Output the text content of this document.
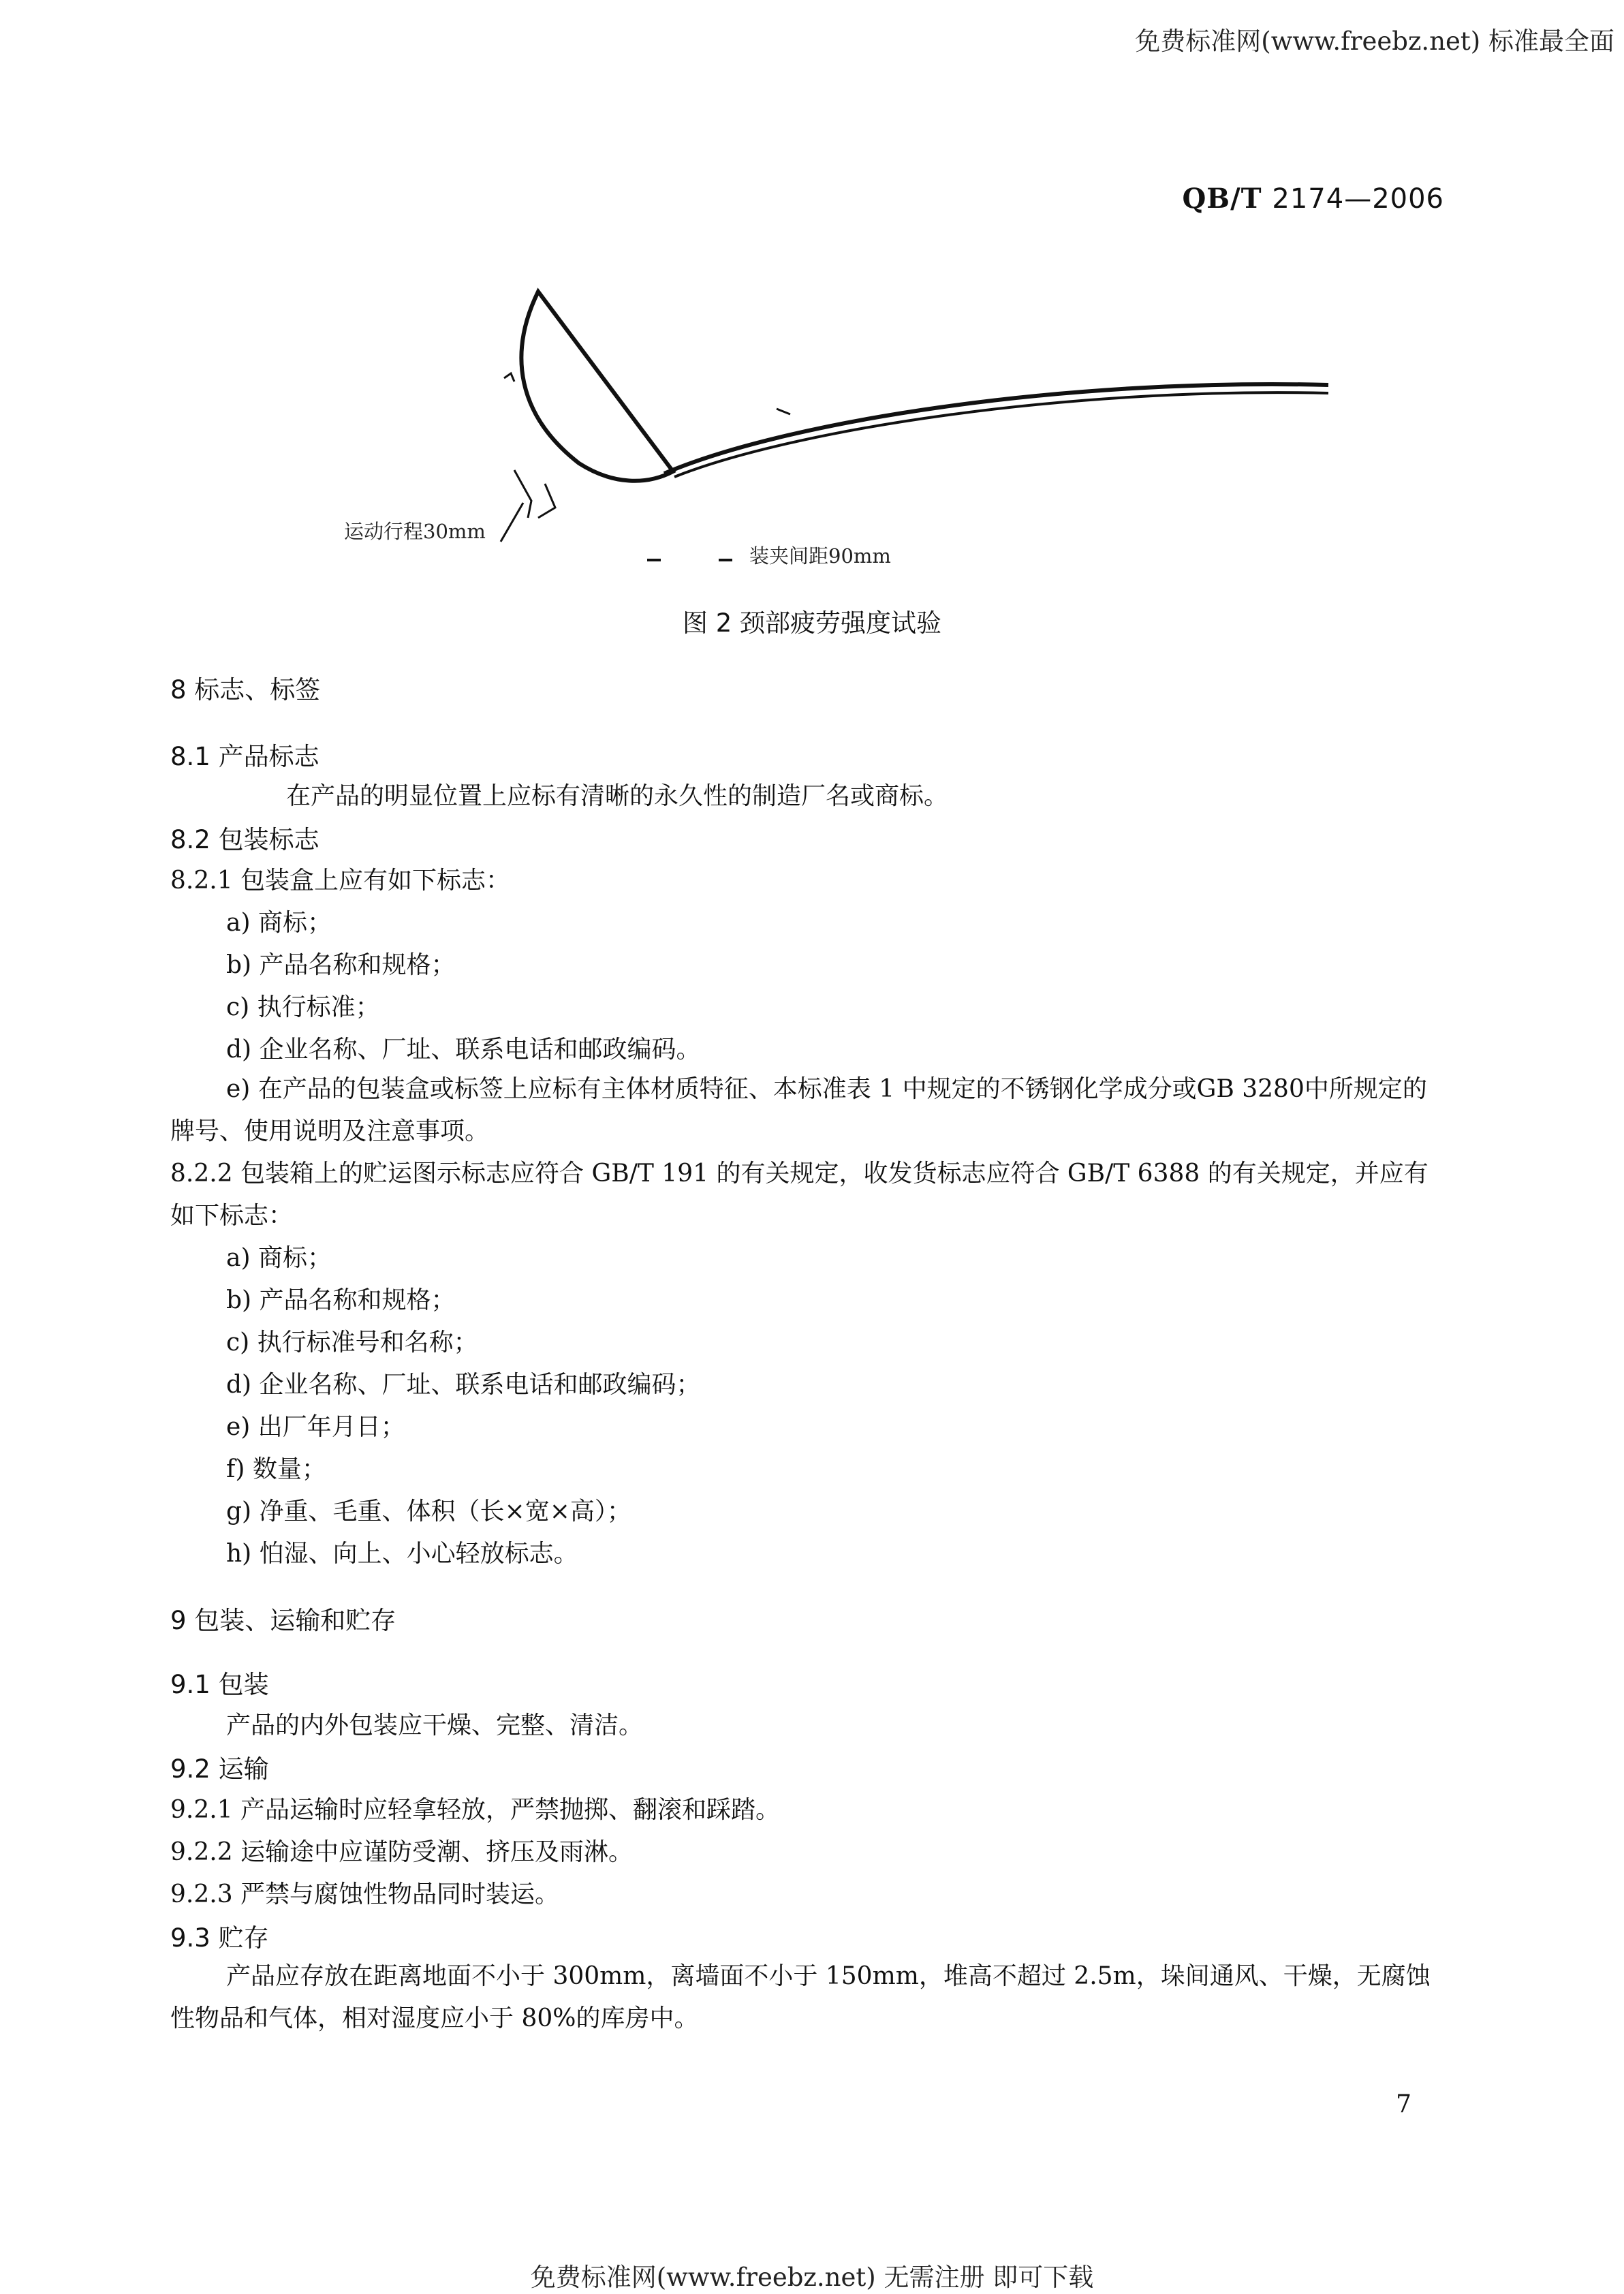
免费标准网(www.freebz.net) 标准最全面
QB/T 2174—2006
运动行程30mm
装夹间距90mm
图 2 颈部疲劳强度试验
8 标志、标签
8.1 产品标志
在产品的明显位置上应标有清晰的永久性的制造厂名或商标。
8.2 包装标志
8.2.1 包装盒上应有如下标志：
a) 商标；
b) 产品名称和规格；
c) 执行标准；
d) 企业名称、厂址、联系电话和邮政编码。
e) 在产品的包装盒或标签上应标有主体材质特征、本标准表 1 中规定的不锈钢化学成分或GB 3280中所规定的牌号、使用说明及注意事项。
8.2.2 包装箱上的贮运图示标志应符合 GB/T 191 的有关规定，收发货标志应符合 GB/T 6388 的有关规定，并应有如下标志：
a) 商标；
b) 产品名称和规格；
c) 执行标准号和名称；
d) 企业名称、厂址、联系电话和邮政编码；
e) 出厂年月日；
f) 数量；
g) 净重、毛重、体积（长×宽×高）；
h) 怕湿、向上、小心轻放标志。
9 包装、运输和贮存
9.1 包装
产品的内外包装应干燥、完整、清洁。
9.2 运输
9.2.1 产品运输时应轻拿轻放，严禁抛掷、翻滚和踩踏。
9.2.2 运输途中应谨防受潮、挤压及雨淋。
9.2.3 严禁与腐蚀性物品同时装运。
9.3 贮存
产品应存放在距离地面不小于 300mm，离墙面不小于 150mm，堆高不超过 2.5m，垛间通风、干燥，无腐蚀性物品和气体，相对湿度应小于 80%的库房中。
7
免费标准网(www.freebz.net) 无需注册 即可下载
